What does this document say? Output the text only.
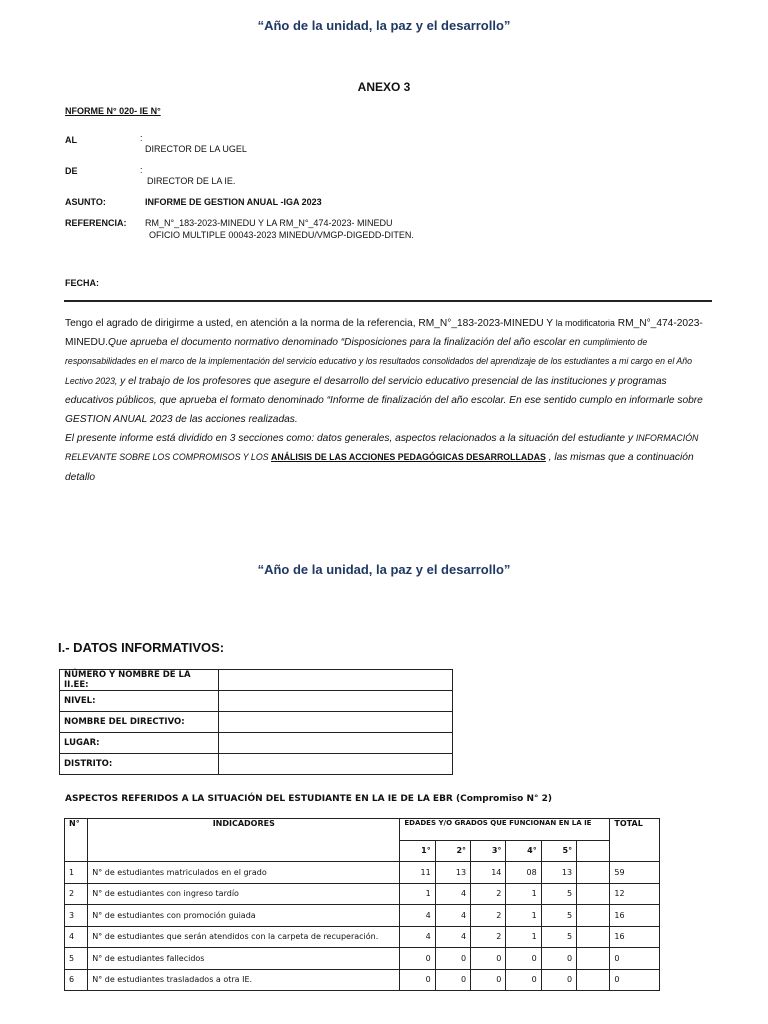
“Año de la unidad, la paz y el desarrollo”
ANEXO 3
NFORME N° 020- IE N°
AL	:
DIRECTOR DE LA UGEL
DE	:
DIRECTOR DE LA IE.
ASUNTO:	INFORME DE GESTION ANUAL -IGA 2023
REFERENCIA: RM_N°_183-2023-MINEDU Y LA RM_N°_474-2023- MINEDU
OFICIO MULTIPLE 00043-2023 MINEDU/VMGP-DIGEDD-DITEN.
FECHA:

Tengo el agrado de dirigirme a usted, en atención a la norma de la referencia, RM_N°_183-2023-MINEDU Y la modificatoria RM_N°_474-2023- MINEDU.Que aprueba el documento normativo denominado “Disposiciones para la finalización del año escolar en cumplimiento de responsabilidades en el marco de la implementación del servicio educativo y los resultados consolidados del aprendizaje de los estudiantes a mi cargo en el Año Lectivo 2023, y el trabajo de los profesores que asegure el desarrollo del servicio educativo presencial de las instituciones y programas educativos públicos, que aprueba el formato denominado “Informe de finalización del año escolar. En ese sentido cumplo en informarle sobre GESTION ANUAL 2023 de las acciones realizadas.

El presente informe está dividido en 3 secciones como: datos generales, aspectos relacionados a la situación del estudiante y INFORMACIÓN RELEVANTE SOBRE LOS COMPROMISOS Y LOS ANÁLISIS DE LAS ACCIONES PEDAGÓGICAS DESARROLLADAS , las mismas que a continuación detallo

“Año de la unidad, la paz y el desarrollo”
I.- DATOS INFORMATIVOS:
NÚMERO Y NOMBRE DE LA II.EE:	
NIVEL:	
NOMBRE DEL DIRECTIVO:	
LUGAR:	
DISTRITO:	
ASPECTOS REFERIDOS A LA SITUACIÓN DEL ESTUDIANTE EN LA IE DE LA EBR (Compromiso N° 2)
N°	INDICADORES	EDADES Y/O GRADOS QUE FUNCIONAN EN LA IE						TOTAL
		1°	2°	3°	4°	5°		
1	N° de estudiantes matriculados en el grado	11	13	14	08	13		59
2	N° de estudiantes con ingreso tardío	1	4	2	1	5		12
3	N° de estudiantes con promoción guiada	4	4	2	1	5		16
4	N° de estudiantes que serán atendidos con la carpeta de recuperación.	4	4	2	1	5		16
5	N° de estudiantes fallecidos	0	0	0	0	0		0
6	N° de estudiantes trasladados a otra IE.	0	0	0	0	0		0
